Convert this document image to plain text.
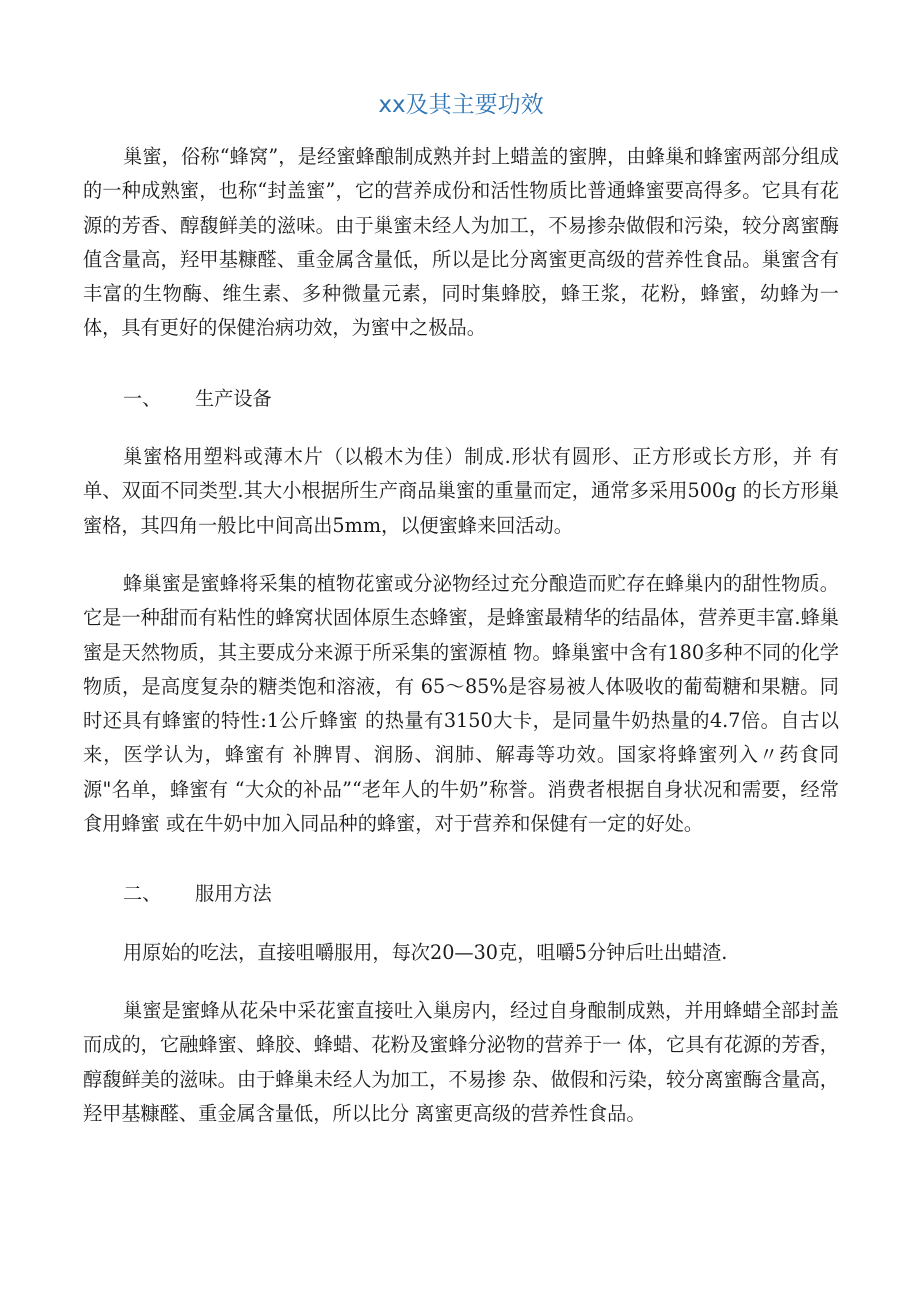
xx及其主要功效

巢蜜，俗称“蜂窝”，是经蜜蜂酿制成熟并封上蜡盖的蜜脾，由蜂巢和蜂蜜两部分组成的一种成熟蜜，也称“封盖蜜”，它的营养成份和活性物质比普通蜂蜜要高得多。它具有花源的芳香、醇馥鲜美的滋味。由于巢蜜未经人为加工，不易掺杂做假和污染，较分离蜜酶值含量高，羟甲基糠醛、重金属含量低，所以是比分离蜜更高级的营养性食品。巢蜜含有丰富的生物酶、维生素、多种微量元素，同时集蜂胶，蜂王浆，花粉，蜂蜜，幼蜂为一体，具有更好的保健治病功效，为蜜中之极品。

一、	生产设备

巢蜜格用塑料或薄木片（以椴木为佳）制成.形状有圆形、正方形或长方形，并 有单、双面不同类型.其大小根据所生产商品巢蜜的重量而定，通常多采用500g 的长方形巢蜜格，其四角一般比中间高出5mm，以便蜜蜂来回活动。

蜂巢蜜是蜜蜂将采集的植物花蜜或分泌物经过充分酿造而贮存在蜂巢内的甜性物质。它是一种甜而有粘性的蜂窝状固体原生态蜂蜜，是蜂蜜最精华的结晶体，营养更丰富.蜂巢蜜是天然物质，其主要成分来源于所采集的蜜源植 物。蜂巢蜜中含有180多种不同的化学物质，是高度复杂的糖类饱和溶液，有 65〜85%是容易被人体吸收的葡萄糖和果糖。同时还具有蜂蜜的特性:1公斤蜂蜜 的热量有3150大卡，是同量牛奶热量的4.7倍。自古以来，医学认为，蜂蜜有 补脾胃、润肠、润肺、解毒等功效。国家将蜂蜜列入〃药食同源"名单，蜂蜜有 “大众的补品”“老年人的牛奶”称誉。消费者根据自身状况和需要，经常食用蜂蜜 或在牛奶中加入同品种的蜂蜜，对于营养和保健有一定的好处。

二、	服用方法

用原始的吃法，直接咀嚼服用，每次20—30克，咀嚼5分钟后吐出蜡渣.

巢蜜是蜜蜂从花朵中采花蜜直接吐入巢房内，经过自身酿制成熟，并用蜂蜡全部封盖而成的，它融蜂蜜、蜂胶、蜂蜡、花粉及蜜蜂分泌物的营养于一 体，它具有花源的芳香，醇馥鲜美的滋味。由于蜂巢未经人为加工，不易掺 杂、做假和污染，较分离蜜酶含量高，羟甲基糠醛、重金属含量低，所以比分 离蜜更高级的营养性食品。
